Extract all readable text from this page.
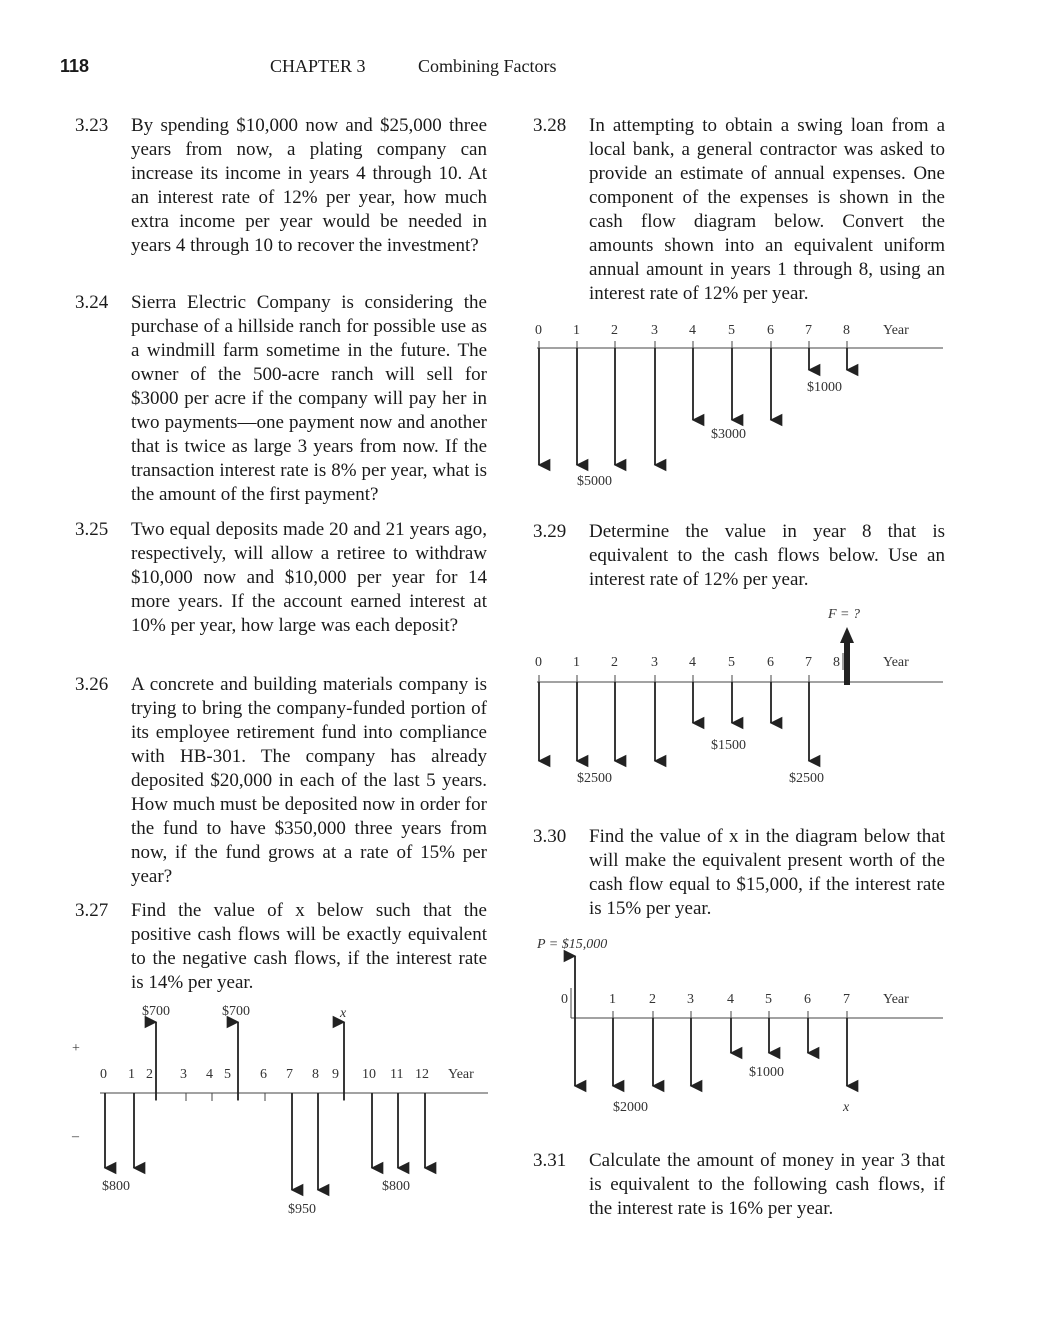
118	CHAPTER 3	Combining Factors
3.23 By spending $10,000 now and $25,000 three years from now, a plating company can increase its income in years 4 through 10. At an interest rate of 12% per year, how much extra income per year would be needed in years 4 through 10 to recover the investment?
3.24 Sierra Electric Company is considering the purchase of a hillside ranch for possible use as a windmill farm sometime in the future. The owner of the 500-acre ranch will sell for $3000 per acre if the company will pay her in two payments—one payment now and another that is twice as large 3 years from now. If the transaction interest rate is 8% per year, what is the amount of the first payment?
3.25 Two equal deposits made 20 and 21 years ago, respectively, will allow a retiree to withdraw $10,000 now and $10,000 per year for 14 more years. If the account earned interest at 10% per year, how large was each deposit?
3.26 A concrete and building materials company is trying to bring the company-funded portion of its employee retirement fund into compliance with HB-301. The company has already deposited $20,000 in each of the last 5 years. How much must be deposited now in order for the fund to have $350,000 three years from now, if the fund grows at a rate of 15% per year?
3.27 Find the value of x below such that the positive cash flows will be exactly equivalent to the negative cash flows, if the interest rate is 14% per year.
+
–
0 1 2 3 4 5 6 7 8 9 10 11 12 Year
$700	$700	x
$800
$950
$800
3.28 In attempting to obtain a swing loan from a local bank, a general contractor was asked to provide an estimate of annual expenses. One component of the expenses is shown in the cash flow diagram below. Convert the amounts shown into an equivalent uniform annual amount in years 1 through 8, using an interest rate of 12% per year.
0 1 2 3 4 5 6 7 8 Year
$5000
$3000
$1000
3.29 Determine the value in year 8 that is equivalent to the cash flows below. Use an interest rate of 12% per year.
F = ?
0 1 2 3 4 5 6 7 8	Year
$2500
$1500
$2500
3.30 Find the value of x in the diagram below that will make the equivalent present worth of the cash flow equal to $15,000, if the interest rate is 15% per year.
P = $15,000
0	1 2 3 4 5 6 7 Year
$2000
$1000
x
3.31 Calculate the amount of money in year 3 that is equivalent to the following cash flows, if the interest rate is 16% per year.
